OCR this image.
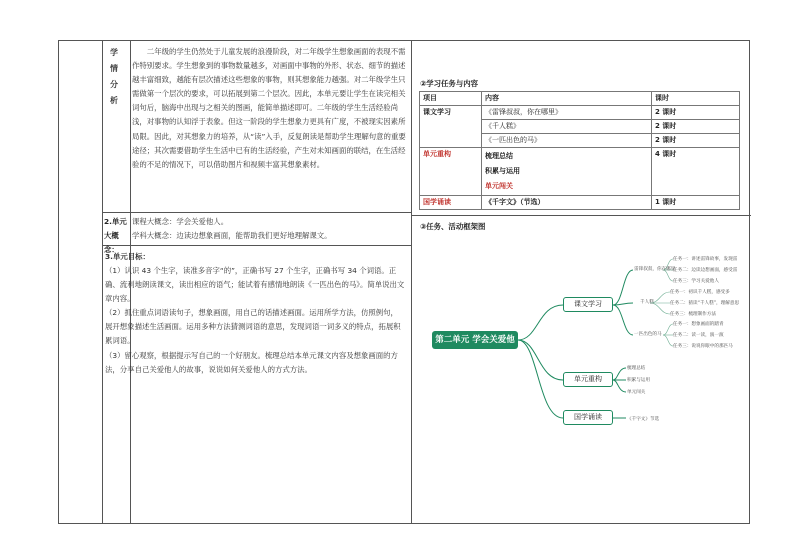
学
情
分
析
二年级的学生仍然处于儿童发展的浪漫阶段，对二年级学生想象画面的表现不需作特别要求。学生想象到的事物数量越多，对画面中事物的外形、状态、细节的描述越丰富细致，越能有层次描述这些想象的事物，则其想象能力越强。对二年级学生只需做第一个层次的要求，可以拓展到第二个层次。因此，本单元要让学生在读完相关词句后，脑海中出现与之相关的图画，能简单描述即可。二年级的学生生活经验尚浅，对事物的认知浮于表象。但这一阶段的学生想象力更具有广度，不被现实因素所局限。因此，对其想象力的培养，从“读”入手，反复朗读是帮助学生理解句意的重要途径；其次需要借助学生生活中已有的生活经验，产生对未知画面的联结，在生活经验的不足的情况下，可以借助图片和视频丰富其想象素材。
2.单元大概念：
课程大概念：学会关爱他人。
学科大概念：边读边想象画面，能帮助我们更好地理解课文。
3.单元目标：
（1）认识 43 个生字，读准多音字“的”，正确书写 27 个生字，正确书写 34 个词语。正确、流利地朗读课文，读出相应的语气；能试着有感情地朗读《一匹出色的马》。简单说出文章内容。
（2）抓住重点词语读句子，想象画面，用自己的话描述画面。运用所学方法，仿照例句，展开想象描述生活画面。运用多种方法猜测词语的意思，发现词语一词多义的特点，拓展积累词语。
（3）留心观察，根据提示写自己的一个好朋友。梳理总结本单元课文内容及想象画面的方法，分享自己关爱他人的故事，说说如何关爱他人的方式方法。
②学习任务与内容
项目	内容	课时
课文学习	《雷锋叔叔，你在哪里》	2 课时
	《千人糕》	2 课时
	《一匹出色的马》	2 课时
单元重构	梳理总结
积累与运用
单元闯关	4 课时
国学诵读	《千字文》（节选）	1 课时
③任务、活动框架图
第二单元 学会关爱他人
课文学习
单元重构
国学诵读
雷锋叔叔，你在哪里
千人糕
一匹出色的马
任务一：讲述雷锋故事，发现雷
任务二：边读边想画面，感受雷
任务三：学习关爱他人
任务一：初识千人糕，感受多
任务二：猜读“千人糕”，理解意思
任务三：梳理制作方法
任务一：想象画面的踏青
任务二：读一读，演一演
任务三：说说你眼中的那匹马
梳理总结
积累与运用
单元闯关
《千字文》节选
